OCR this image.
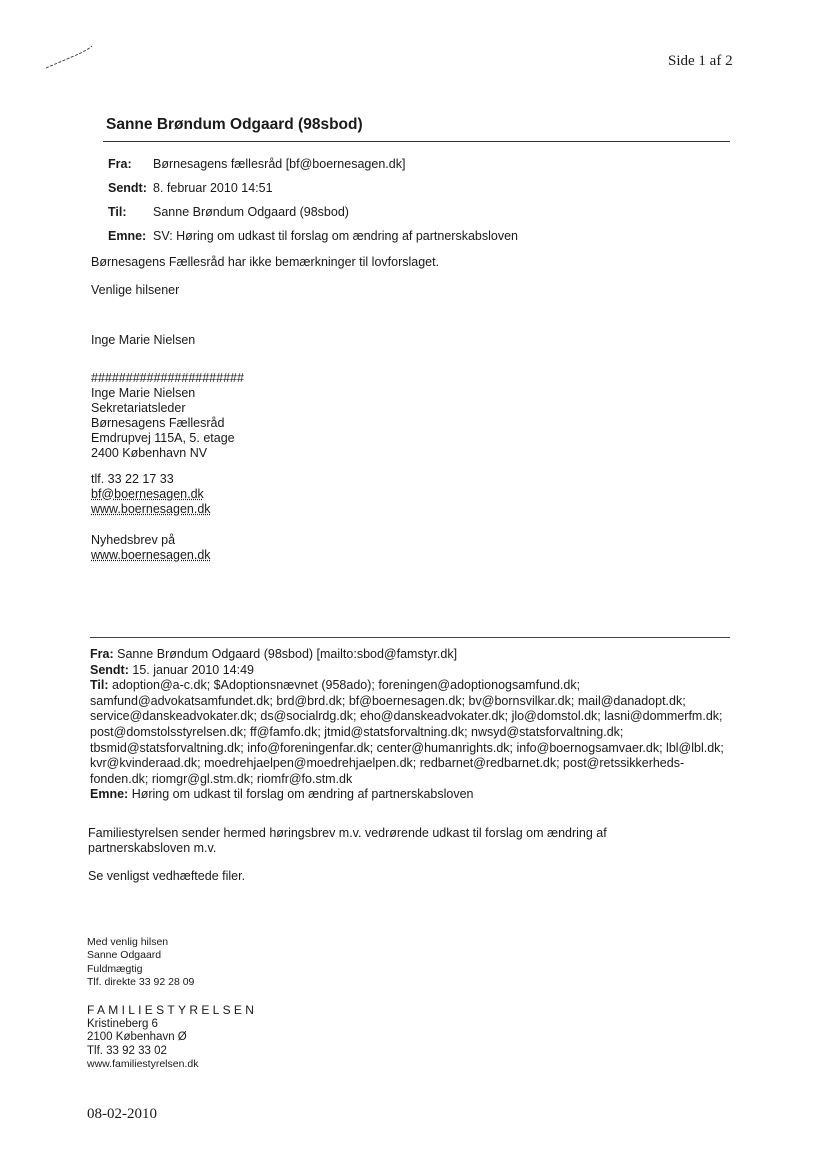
Side 1 af 2
Sanne Brøndum Odgaard (98sbod)
Fra:	Børnesagens fællesråd [bf@boernesagen.dk]
Sendt: 8. februar 2010 14:51
Til:	Sanne Brøndum Odgaard (98sbod)
Emne: SV: Høring om udkast til forslag om ændring af partnerskabsloven
Børnesagens Fællesråd har ikke bemærkninger til lovforslaget.
Venlige hilsener
Inge Marie Nielsen
######################
Inge Marie Nielsen
Sekretariatsleder
Børnesagens Fællesråd
Emdrupvej 115A, 5. etage
2400 København NV
tlf. 33 22 17 33
bf@boernesagen.dk
www.boernesagen.dk
Nyhedsbrev på
www.boernesagen.dk
Fra: Sanne Brøndum Odgaard (98sbod) [mailto:sbod@famstyr.dk]
Sendt: 15. januar 2010 14:49
Til: adoption@a-c.dk; $Adoptionsnævnet (958ado); foreningen@adoptionogsamfund.dk; samfund@advokatsamfundet.dk; brd@brd.dk; bf@boernesagen.dk; bv@bornsvilkar.dk; mail@danadopt.dk; service@danskeadvokater.dk; ds@socialrdg.dk; eho@danskeadvokater.dk; jlo@domstol.dk; lasni@dommerfm.dk; post@domstolsstyrelsen.dk; ff@famfo.dk; jtmid@statsforvaltning.dk; nwsyd@statsforvaltning.dk; tbsmid@statsforvaltning.dk; info@foreningenfar.dk; center@humanrights.dk; info@boernogsamvaer.dk; lbl@lbl.dk; kvr@kvinderaad.dk; moedrehjaelpen@moedrehjaelpen.dk; redbarnet@redbarnet.dk; post@retssikkerheds-fonden.dk; riomgr@gl.stm.dk; riomfr@fo.stm.dk
Emne: Høring om udkast til forslag om ændring af partnerskabsloven
Familiestyrelsen sender hermed høringsbrev m.v. vedrørende udkast til forslag om ændring af partnerskabsloven m.v.
Se venligst vedhæftede filer.
Med venlig hilsen
Sanne Odgaard
Fuldmægtig
Tlf. direkte 33 92 28 09
FAMILIESTYRELSEN
Kristineberg 6
2100 København Ø
Tlf. 33 92 33 02
www.familiestyrelsen.dk
08-02-2010
